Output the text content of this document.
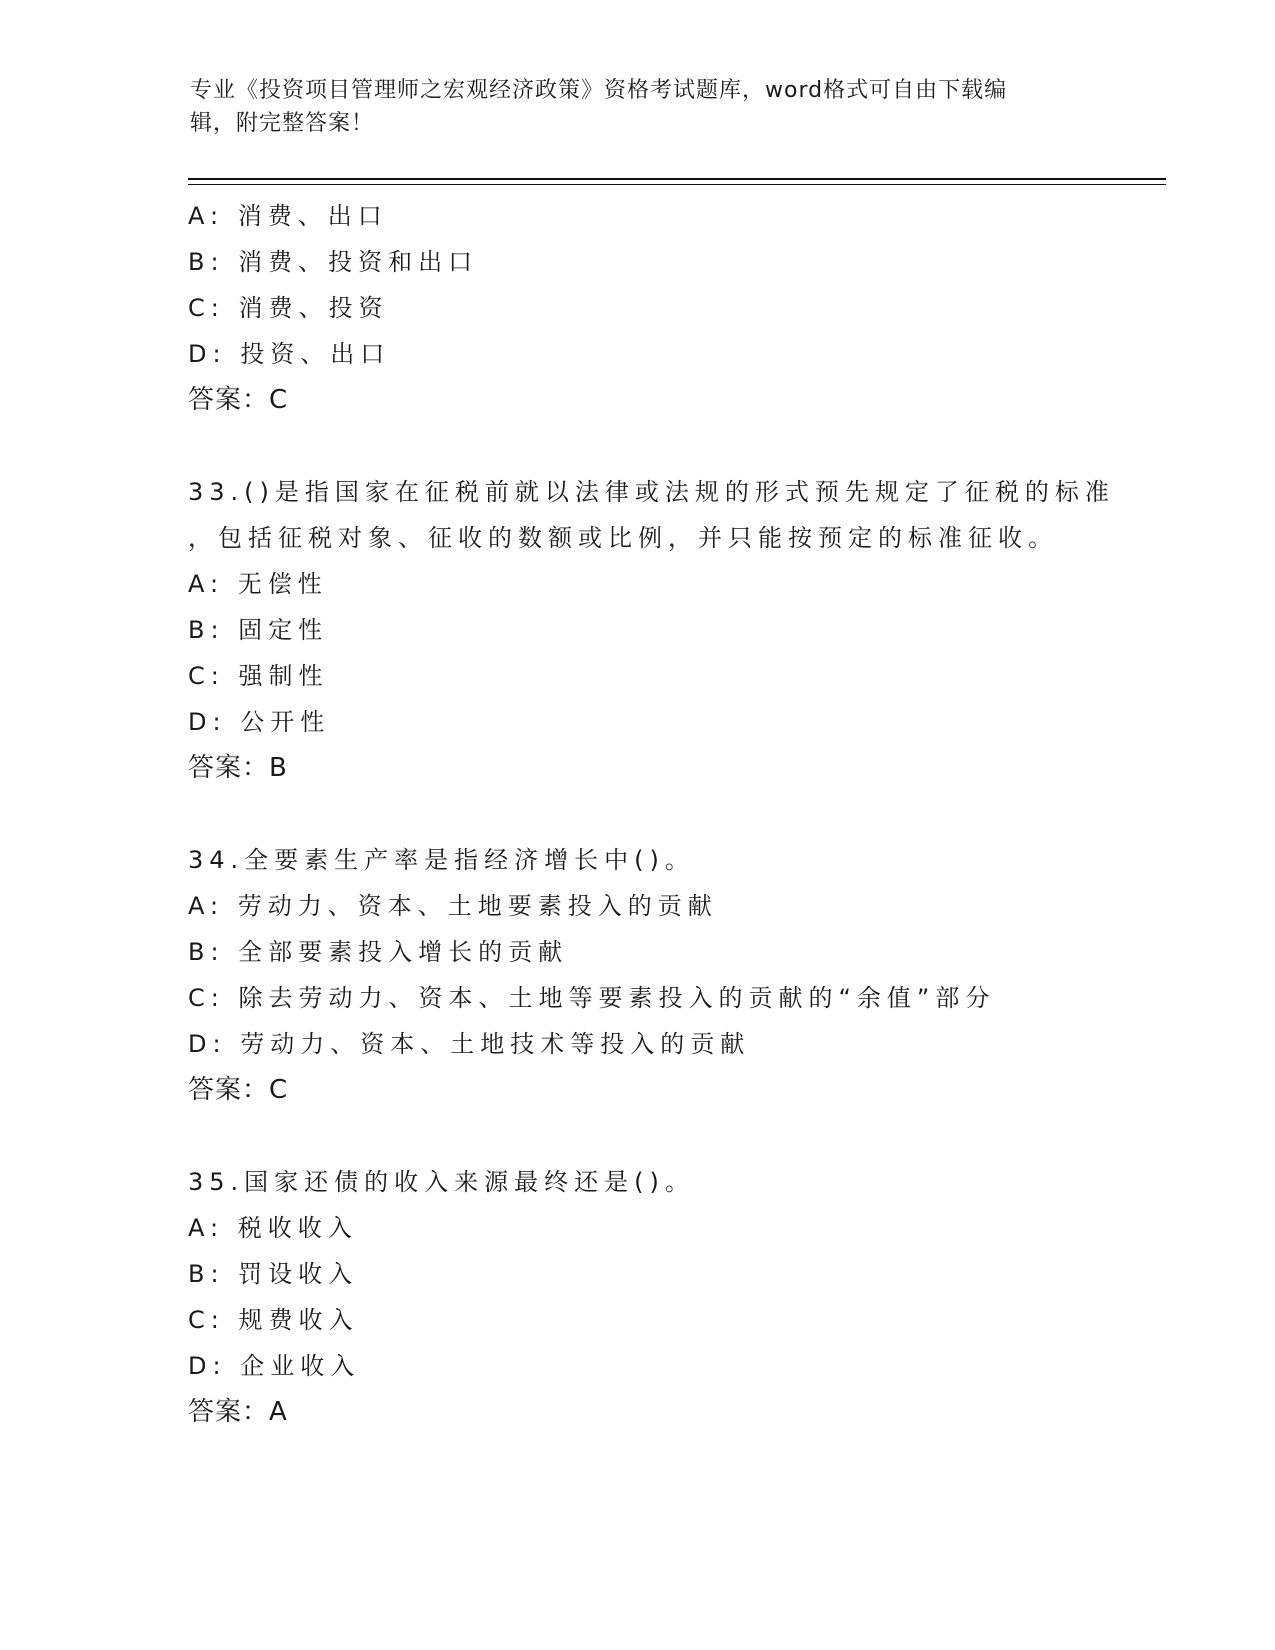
专业《投资项目管理师之宏观经济政策》资格考试题库，word格式可自由下载编
辑，附完整答案！
A: 消费、出口
B: 消费、投资和出口
C: 消费、投资
D: 投资、出口
答案：C
33.()是指国家在征税前就以法律或法规的形式预先规定了征税的标准
，包括征税对象、征收的数额或比例，并只能按预定的标准征收。
A: 无偿性
B: 固定性
C: 强制性
D: 公开性
答案：B
34.全要素生产率是指经济增长中()。
A: 劳动力、资本、土地要素投入的贡献
B: 全部要素投入增长的贡献
C: 除去劳动力、资本、土地等要素投入的贡献的“余值”部分
D: 劳动力、资本、土地技术等投入的贡献
答案：C
35.国家还债的收入来源最终还是()。
A: 税收收入
B: 罚设收入
C: 规费收入
D: 企业收入
答案：A
